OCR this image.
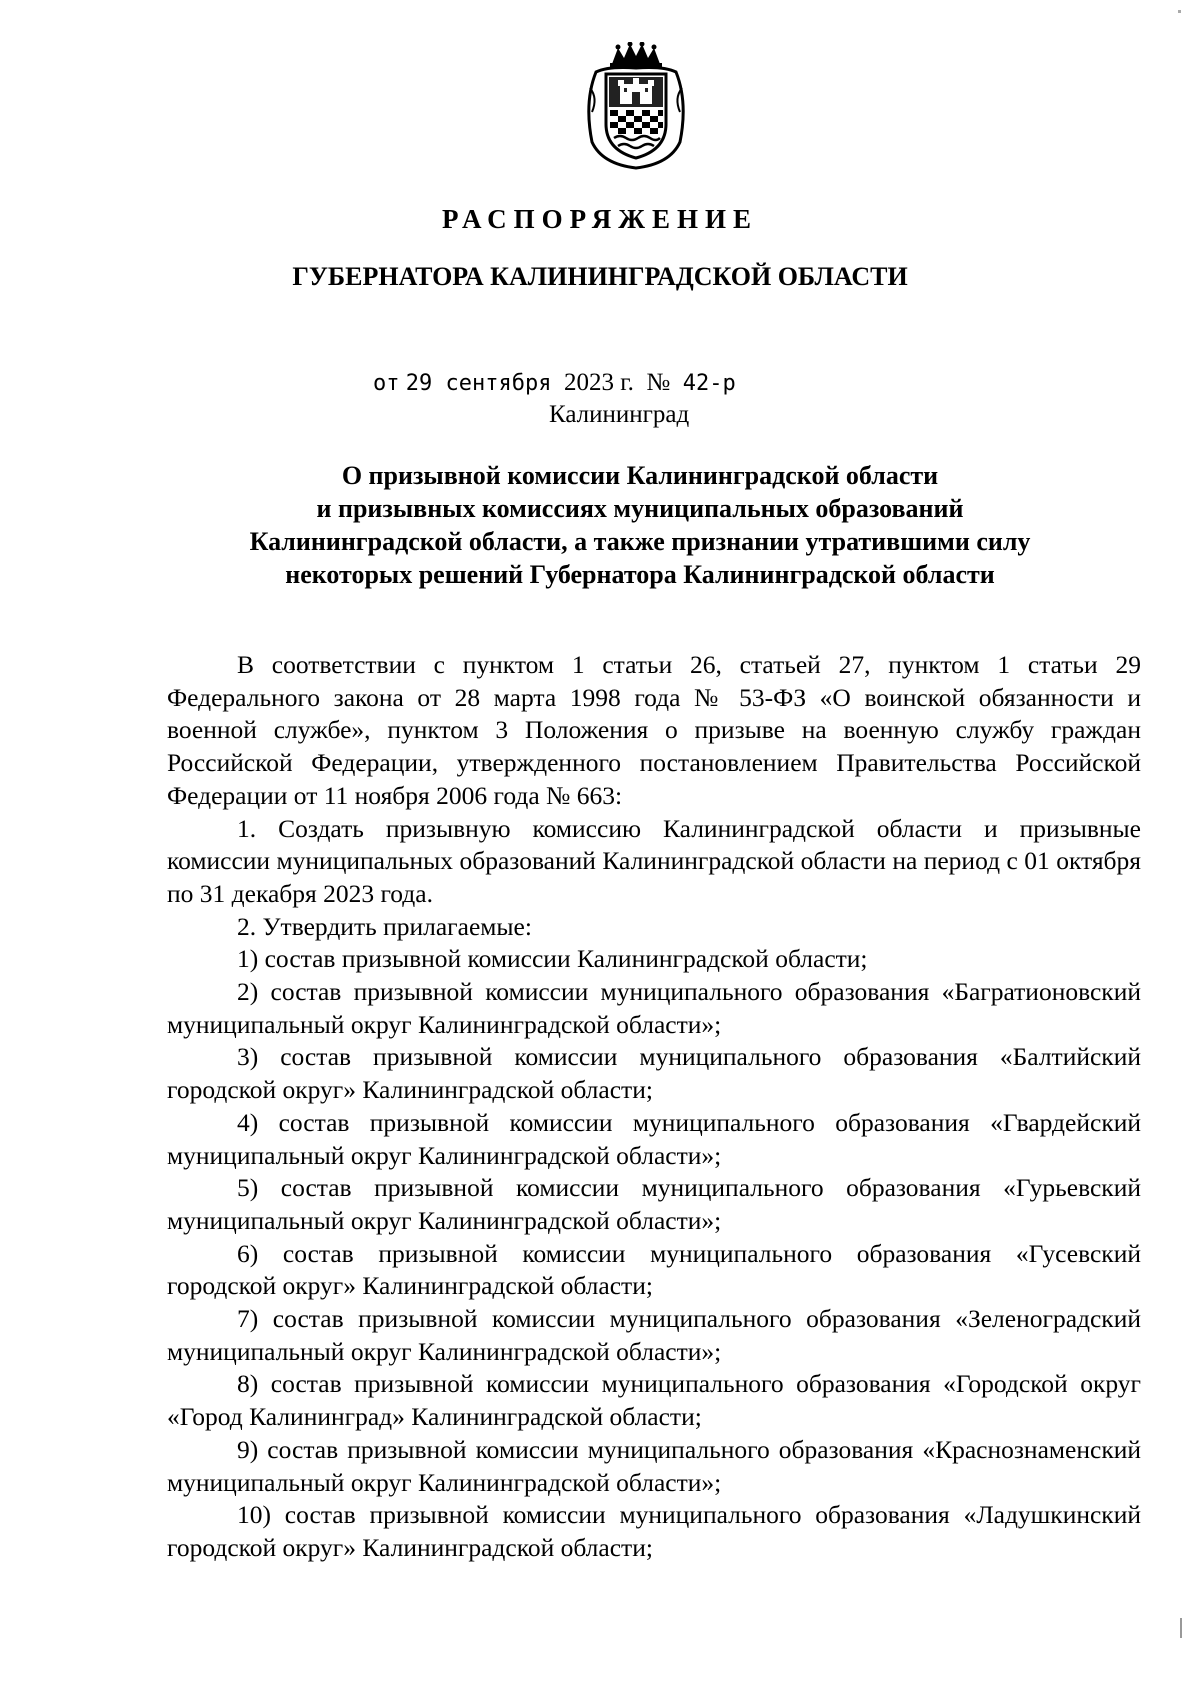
РАСПОРЯЖЕНИЕ
ГУБЕРНАТОРА КАЛИНИНГРАДСКОЙ ОБЛАСТИ
от 29 сентября 2023 г. № 42-р
Калининград
О призывной комиссии Калининградской области
и призывных комиссиях муниципальных образований
Калининградской области, а также признании утратившими силу
некоторых решений Губернатора Калининградской области

В соответствии с пунктом 1 статьи 26, статьей 27, пунктом 1 статьи 29 Федерального закона от 28 марта 1998 года № 53-ФЗ «О воинской обязанности и военной службе», пунктом 3 Положения о призыве на военную службу граждан Российской Федерации, утвержденного постановлением Правительства Российской Федерации от 11 ноября 2006 года № 663:

1. Создать призывную комиссию Калининградской области и призывные комиссии муниципальных образований Калининградской области на период с 01 октября по 31 декабря 2023 года.

2. Утвердить прилагаемые:

1) состав призывной комиссии Калининградской области;

2) состав призывной комиссии муниципального образования «Багратионовский муниципальный округ Калининградской области»;

3) состав призывной комиссии муниципального образования «Балтийский городской округ» Калининградской области;

4) состав призывной комиссии муниципального образования «Гвардейский муниципальный округ Калининградской области»;

5) состав призывной комиссии муниципального образования «Гурьевский муниципальный округ Калининградской области»;

6) состав призывной комиссии муниципального образования «Гусевский городской округ» Калининградской области;

7) состав призывной комиссии муниципального образования «Зеленоградский муниципальный округ Калининградской области»;

8) состав призывной комиссии муниципального образования «Городской округ «Город Калининград» Калининградской области;

9) состав призывной комиссии муниципального образования «Краснознаменский муниципальный округ Калининградской области»;

10) состав призывной комиссии муниципального образования «Ладушкинский городской округ» Калининградской области;
